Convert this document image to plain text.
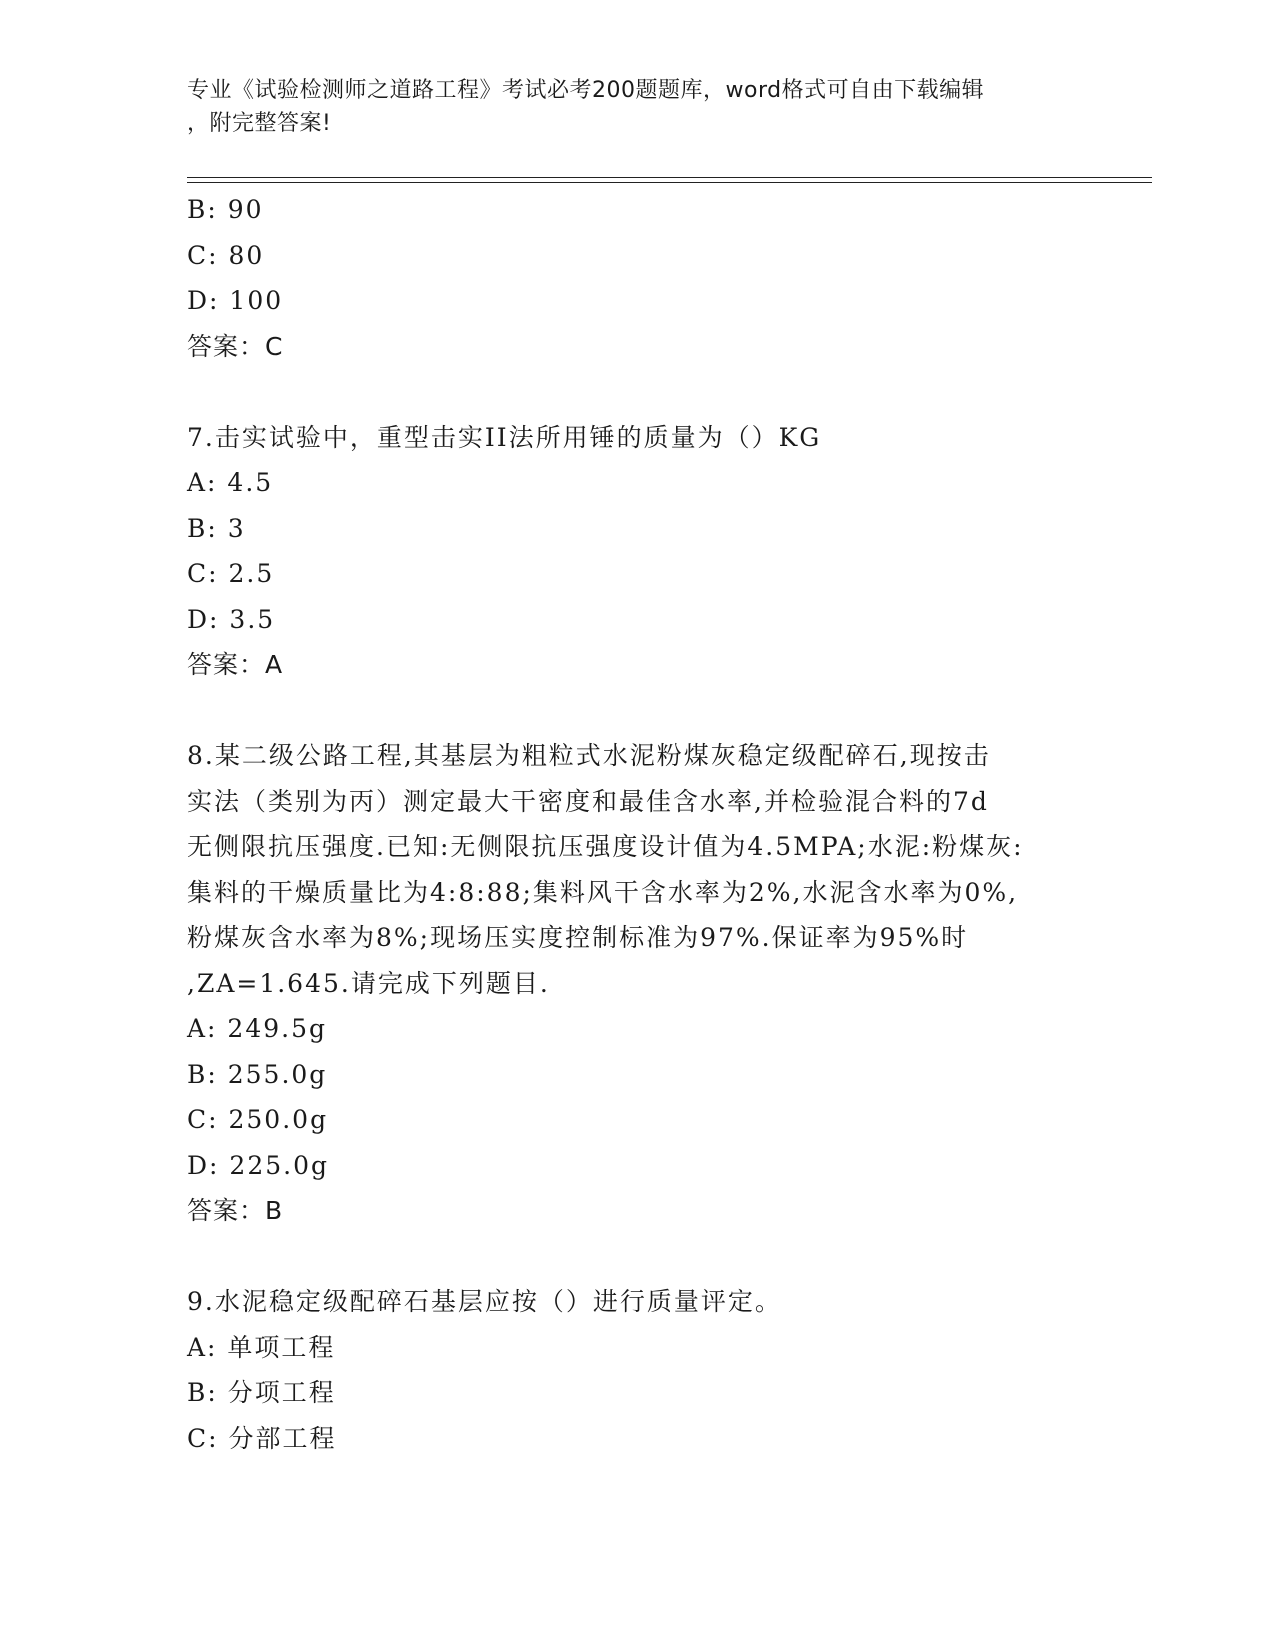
专业《试验检测师之道路工程》考试必考200题题库，word格式可自由下载编辑
，附完整答案!
B: 90
C: 80
D: 100
答案：C
7.击实试验中，重型击实II法所用锤的质量为（）KG
A: 4.5
B: 3
C: 2.5
D: 3.5
答案：A
8.某二级公路工程,其基层为粗粒式水泥粉煤灰稳定级配碎石,现按击
实法（类别为丙）测定最大干密度和最佳含水率,并检验混合料的7d
无侧限抗压强度.已知:无侧限抗压强度设计值为4.5MPA;水泥:粉煤灰:
集料的干燥质量比为4:8:88;集料风干含水率为2%,水泥含水率为0%,
粉煤灰含水率为8%;现场压实度控制标准为97%.保证率为95%时
,ZA=1.645.请完成下列题目.
A: 249.5g
B: 255.0g
C: 250.0g
D: 225.0g
答案：B
9.水泥稳定级配碎石基层应按（）进行质量评定。
A: 单项工程
B: 分项工程
C: 分部工程
